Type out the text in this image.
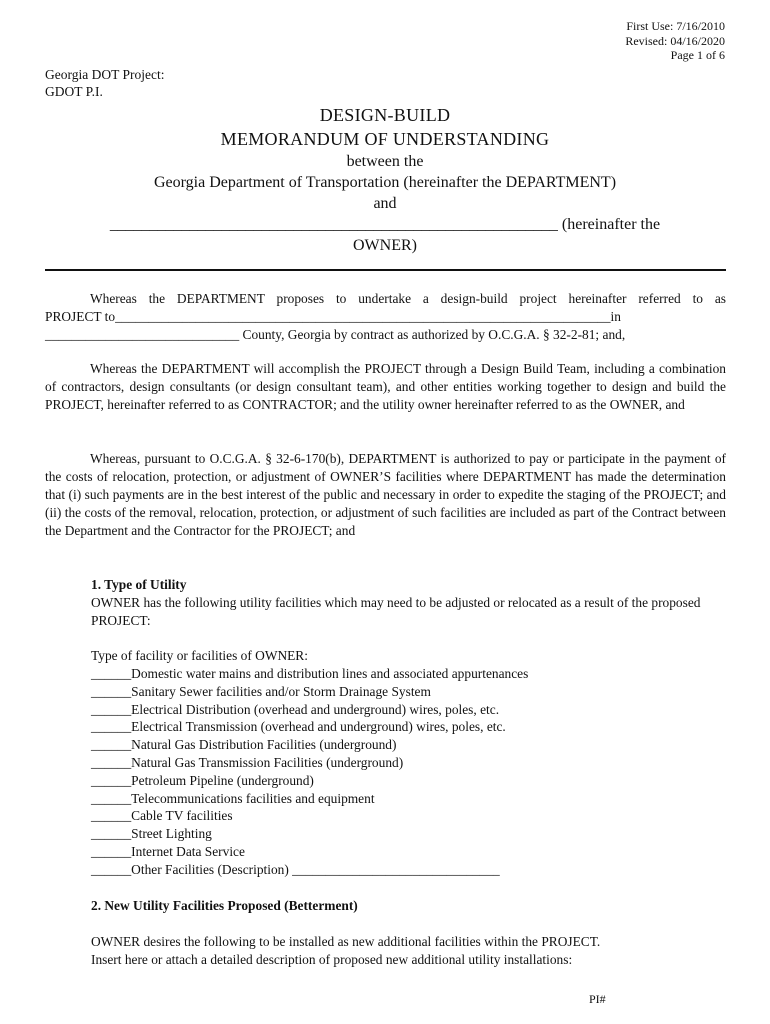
First Use: 7/16/2010
Revised: 04/16/2020
Page 1 of 6
Georgia DOT Project:
GDOT P.I.
DESIGN-BUILD
MEMORANDUM OF UNDERSTANDING
between the
Georgia Department of Transportation (hereinafter the DEPARTMENT)
and
________________________________________________________ (hereinafter the
OWNER)
Whereas the DEPARTMENT proposes to undertake a design-build project hereinafter referred to as
PROJECT to__________________________________________________________________________in
_____________________________ County, Georgia by contract as authorized by O.C.G.A. § 32-2-81; and,
Whereas the DEPARTMENT will accomplish the PROJECT through a Design Build Team, including a combination of contractors, design consultants (or design consultant team), and other entities working together to design and build the PROJECT, hereinafter referred to as CONTRACTOR; and the utility owner hereinafter referred to as the OWNER, and
Whereas, pursuant to O.C.G.A. § 32-6-170(b), DEPARTMENT is authorized to pay or participate in the payment of the costs of relocation, protection, or adjustment of OWNER’S facilities where DEPARTMENT has made the determination that (i) such payments are in the best interest of the public and necessary in order to expedite the staging of the PROJECT; and (ii) the costs of the removal, relocation, protection, or adjustment of such facilities are included as part of the Contract between the Department and the Contractor for the PROJECT; and
1. Type of Utility
OWNER has the following utility facilities which may need to be adjusted or relocated as a result of the proposed PROJECT:
Type of facility or facilities of OWNER:
______Domestic water mains and distribution lines and associated appurtenances
______Sanitary Sewer facilities and/or Storm Drainage System
______Electrical Distribution (overhead and underground) wires, poles, etc.
______Electrical Transmission (overhead and underground) wires, poles, etc.
______Natural Gas Distribution Facilities (underground)
______Natural Gas Transmission Facilities (underground)
______Petroleum Pipeline (underground)
______Telecommunications facilities and equipment
______Cable TV facilities
______Street Lighting
______Internet Data Service
______Other Facilities (Description) _______________________________
2. New Utility Facilities Proposed (Betterment)
OWNER desires the following to be installed as new additional facilities within the PROJECT.
Insert here or attach a detailed description of proposed new additional utility installations:
PI#
